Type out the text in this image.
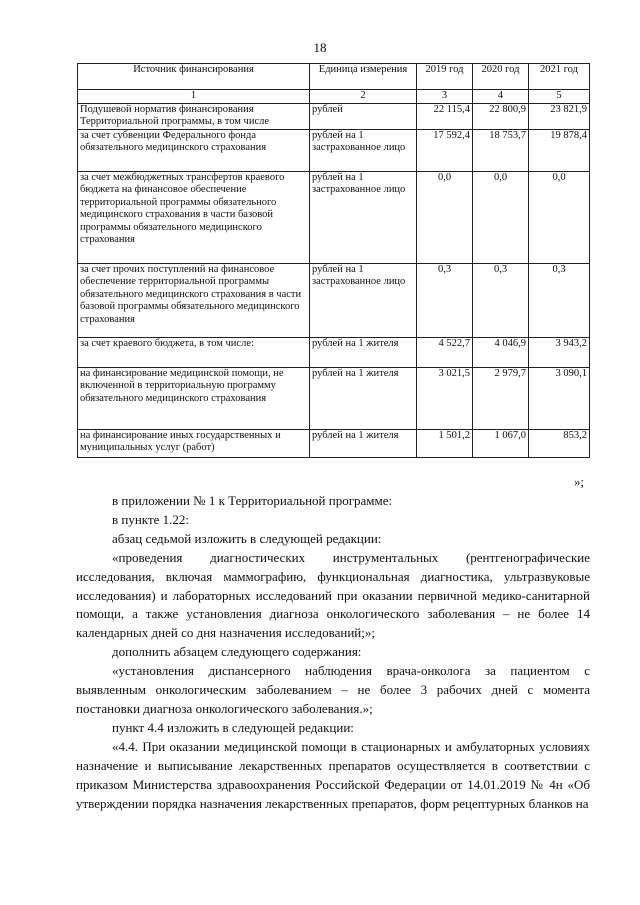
18
Источник финансирования	Единица измерения	2019 год	2020 год	2021 год
1	2	3	4	5
Подушевой норматив финансирования Территориальной программы, в том числе	рублей	22 115,4	22 800,9	23 821,9
за счет субвенции Федерального фонда обязательного медицинского страхования	рублей на 1 застрахованное лицо	17 592,4	18 753,7	19 878,4
за счет межбюджетных трансфертов краевого бюджета на финансовое обеспечение территориальной программы обязательного медицинского страхования в части базовой программы обязательного медицинского страхования	рублей на 1 застрахованное лицо	0,0	0,0	0,0
за счет прочих поступлений на финансовое обеспечение территориальной программы обязательного медицинского страхования в части базовой программы обязательного медицинского страхования	рублей на 1 застрахованное лицо	0,3	0,3	0,3
за счет краевого бюджета, в том числе:	рублей на 1 жителя	4 522,7	4 046,9	3 943,2
на финансирование медицинской помощи, не включенной в территориальную программу обязательного медицинского страхования	рублей на 1 жителя	3 021,5	2 979,7	3 090,1
на финансирование иных государственных и муниципальных услуг (работ)	рублей на 1 жителя	1 501,2	1 067,0	853,2
»;

в приложении № 1 к Территориальной программе:

в пункте 1.22:

абзац седьмой изложить в следующей редакции:

«проведения диагностических инструментальных (рентгенографические исследования, включая маммографию, функциональная диагностика, ультразвуковые исследования) и лабораторных исследований при оказании первичной медико-санитарной помощи, а также установления диагноза онкологического заболевания – не более 14 календарных дней со дня назначения исследований;»;

дополнить абзацем следующего содержания:

«установления диспансерного наблюдения врача-онколога за пациентом с выявленным онкологическим заболеванием – не более 3 рабочих дней с момента постановки диагноза онкологического заболевания.»;

пункт 4.4 изложить в следующей редакции:

«4.4. При оказании медицинской помощи в стационарных и амбулаторных условиях назначение и выписывание лекарственных препаратов осуществляется в соответствии с приказом Министерства здравоохранения Российской Федерации от 14.01.2019 № 4н «Об утверждении порядка назначения лекарственных препаратов, форм рецептурных бланков на
